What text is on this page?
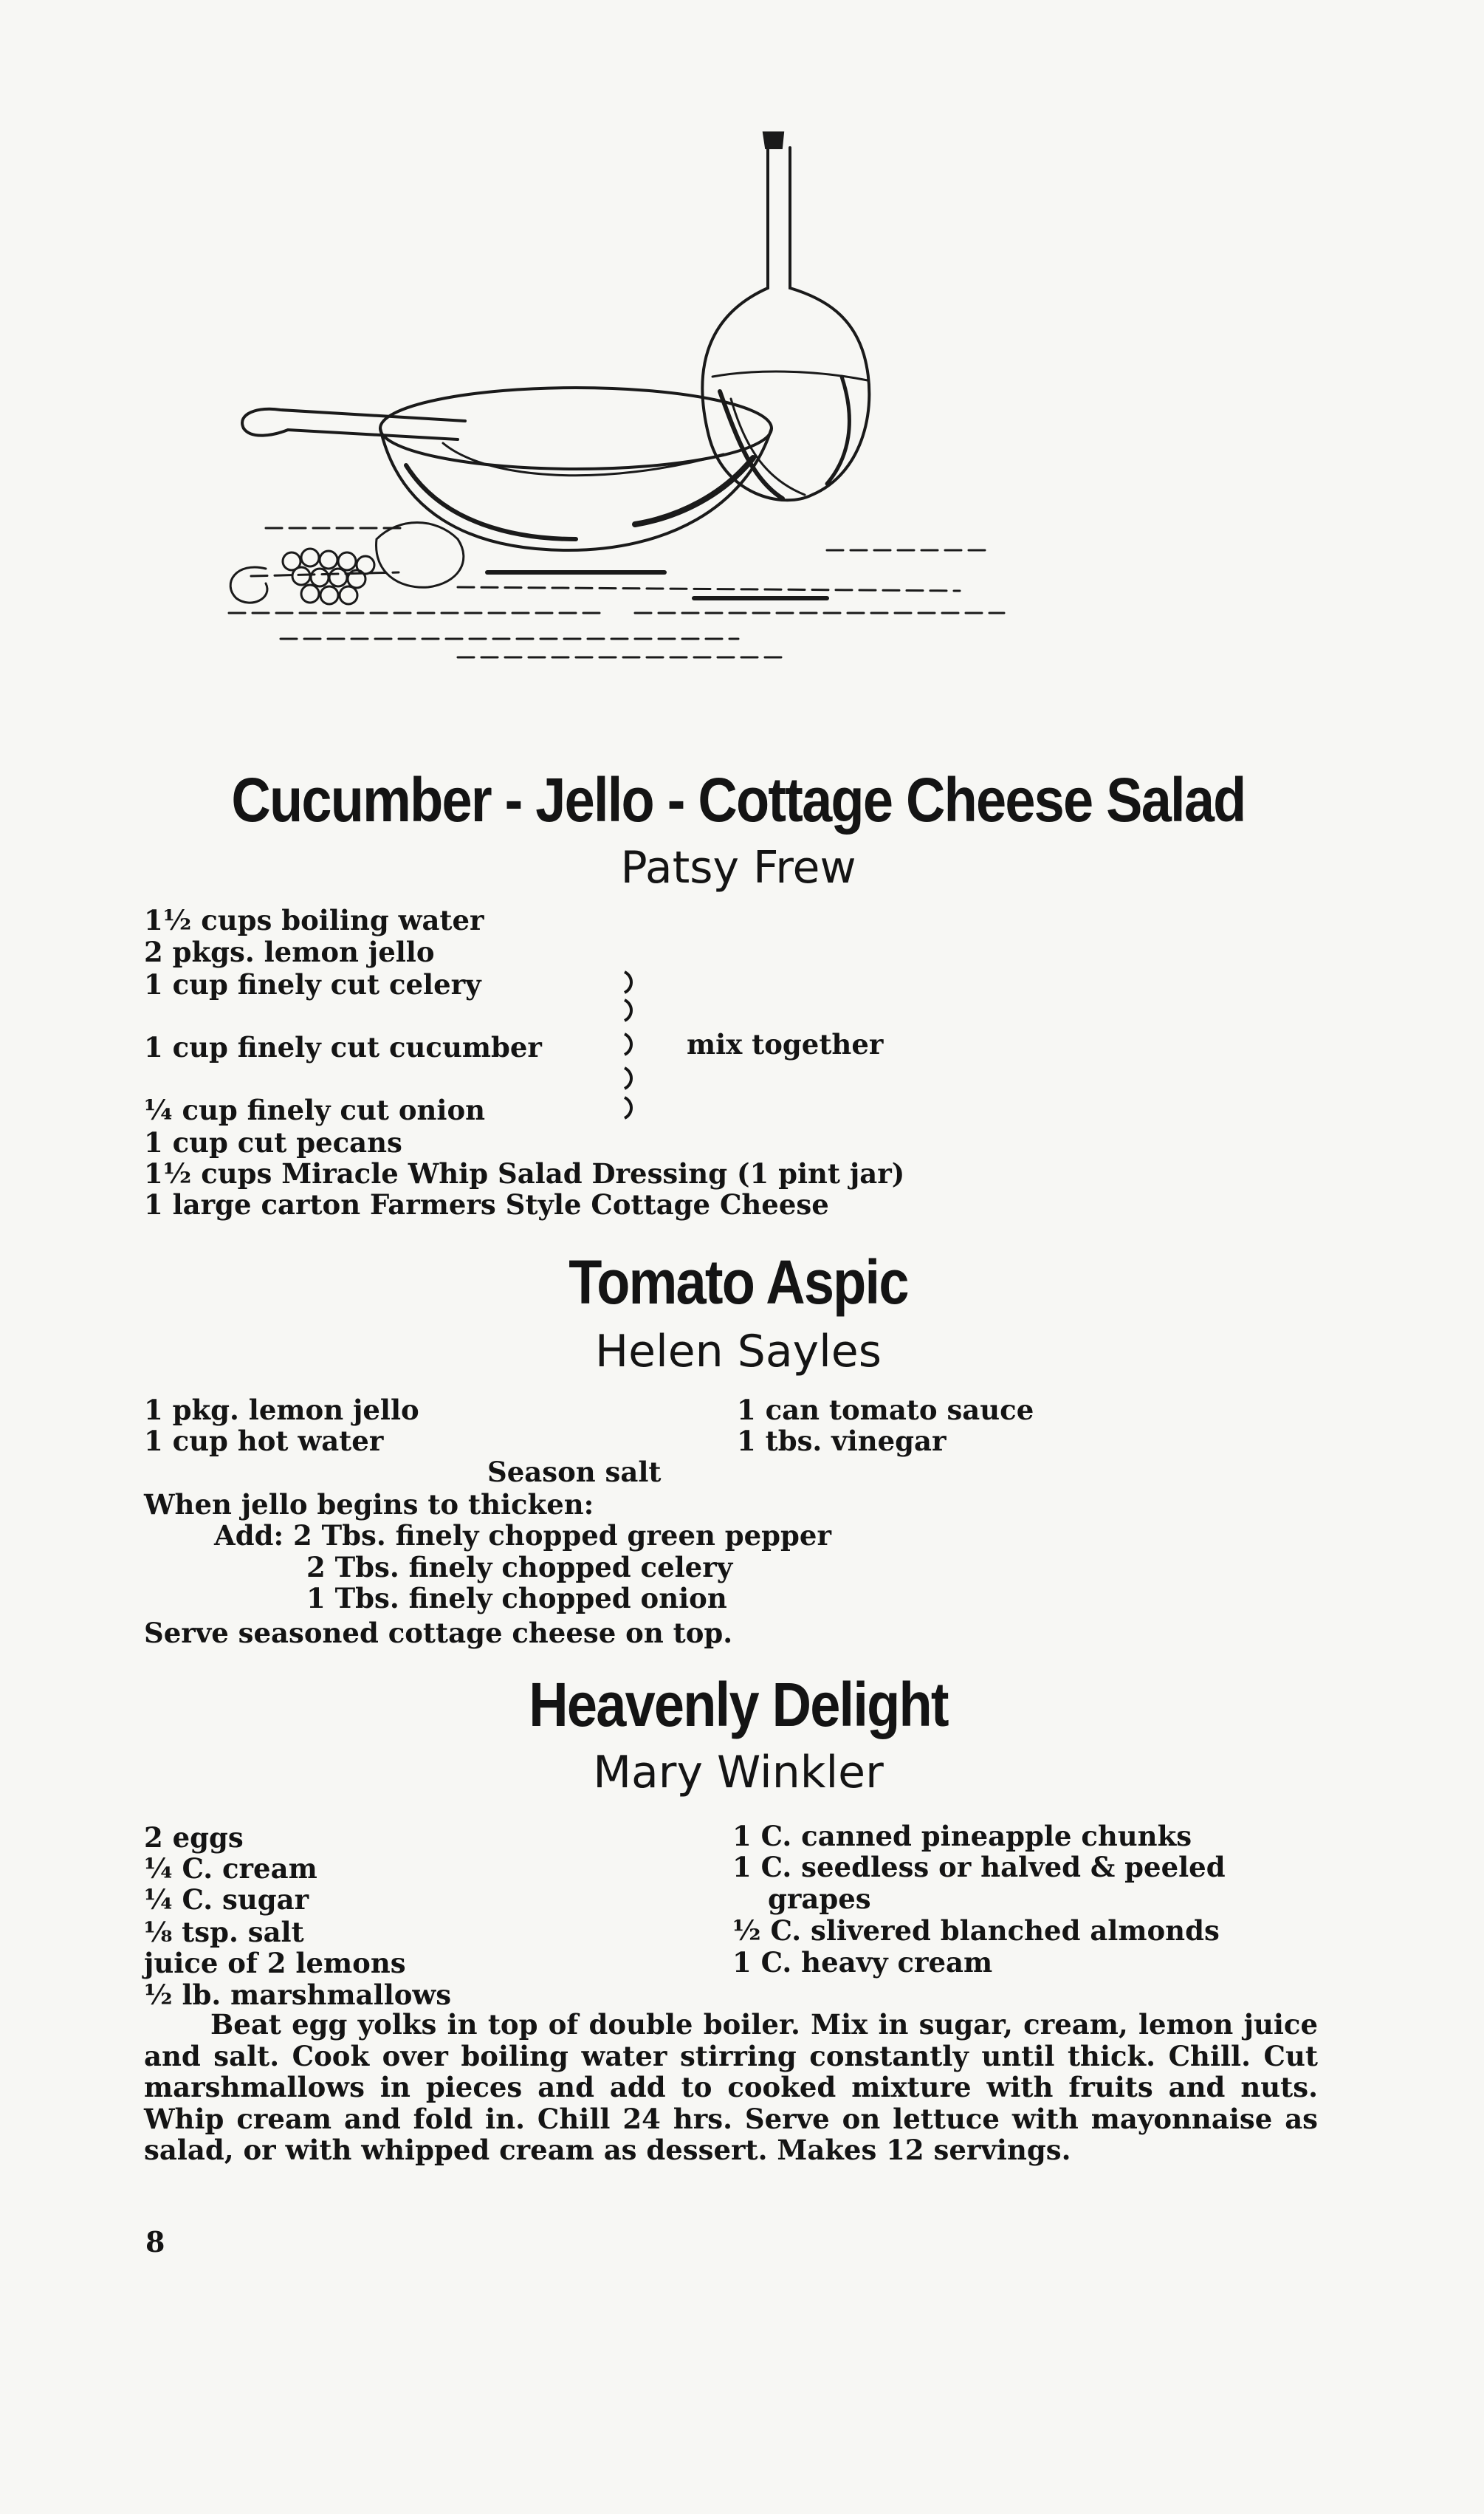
Cucumber - Jello - Cottage Cheese Salad
Patsy Frew
1½ cups boiling water
2 pkgs. lemon jello
1 cup finely cut celery
1 cup finely cut cucumber
¼ cup finely cut onion
1 cup cut pecans
1½ cups Miracle Whip Salad Dressing (1 pint jar)
1 large carton Farmers Style Cottage Cheese
mix together
Tomato Aspic
Helen Sayles
1 pkg. lemon jello
1 cup hot water
1 can tomato sauce
1 tbs. vinegar
Season salt
When jello begins to thicken:
Add: 2 Tbs. finely chopped green pepper
2 Tbs. finely chopped celery
1 Tbs. finely chopped onion
Serve seasoned cottage cheese on top.
Heavenly Delight
Mary Winkler
2 eggs
¼ C. cream
¼ C. sugar
⅛ tsp. salt
juice of 2 lemons
½ lb. marshmallows
1 C. canned pineapple chunks
1 C. seedless or halved & peeled
grapes
½ C. slivered blanched almonds
1 C. heavy cream
Beat egg yolks in top of double boiler. Mix in sugar, cream, lemon juice and salt. Cook over boiling water stirring constantly until thick. Chill. Cut marshmallows in pieces and add to cooked mixture with fruits and nuts. Whip cream and fold in. Chill 24 hrs. Serve on lettuce with mayonnaise as salad, or with whipped cream as dessert. Makes 12 servings.
8
